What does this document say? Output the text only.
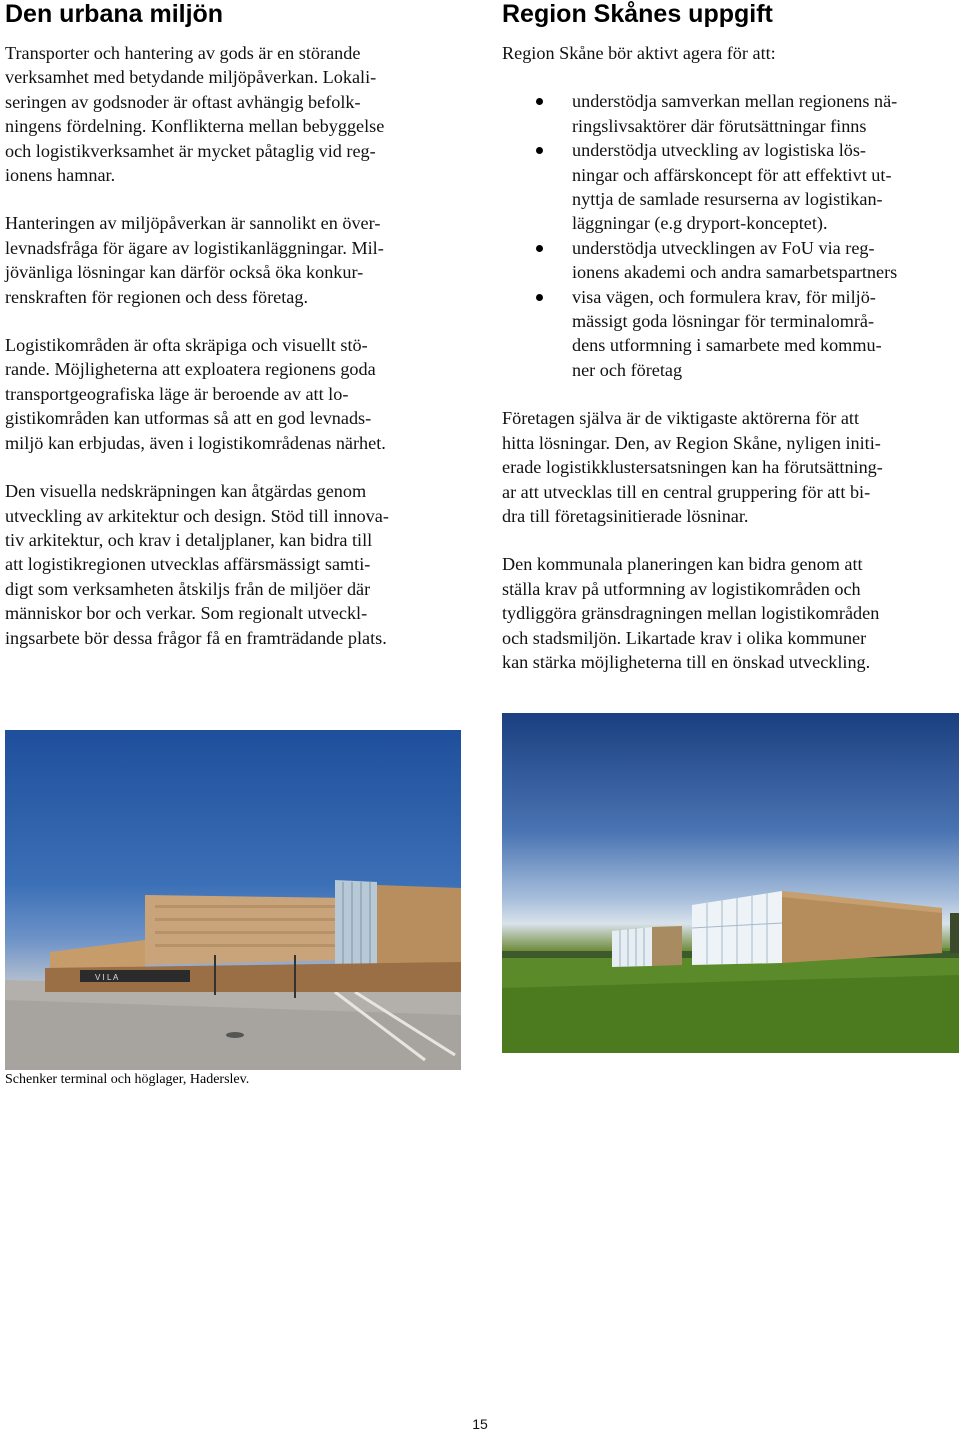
Den urbana miljön

Transporter och hantering av gods är en störande
verksamhet med betydande miljöpåverkan. Lokali-
seringen av godsnoder är oftast avhängig befolk-
ningens fördelning. Konflikterna mellan bebyggelse
och logistikverksamhet är mycket påtaglig vid reg-
ionens hamnar.

Hanteringen av miljöpåverkan är sannolikt en över-
levnadsfråga för ägare av logistikanläggningar. Mil-
jövänliga lösningar kan därför också öka konkur-
renskraften för regionen och dess företag.

Logistikområden är ofta skräpiga och visuellt stö-
rande. Möjligheterna att exploatera regionens goda
transportgeografiska läge är beroende av att lo-
gistikområden kan utformas så att en god levnads-
miljö kan erbjudas, även i logistikområdenas närhet.

Den visuella nedskräpningen kan åtgärdas genom
utveckling av arkitektur och design. Stöd till innova-
tiv arkitektur, och krav i detaljplaner, kan bidra till
att logistikregionen utvecklas affärsmässigt samti-
digt som verksamheten åtskiljs från de miljöer där
människor bor och verkar. Som regionalt utveckl-
ingsarbete bör dessa frågor få en framträdande plats.

Region Skånes uppgift

Region Skåne bör aktivt agera för att:

understödja samverkan mellan regionens nä-
ringslivsaktörer där förutsättningar finns
understödja utveckling av logistiska lös-
ningar och affärskoncept för att effektivt ut-
nyttja de samlade resurserna av logistikan-
läggningar (e.g dryport-konceptet).
understödja utvecklingen av FoU via reg-
ionens akademi och andra samarbetspartners
visa vägen, och formulera krav, för miljö-
mässigt goda lösningar för terminalområ-
dens utformning i samarbete med kommu-
ner och företag

Företagen själva är de viktigaste aktörerna för att
hitta lösningar. Den, av Region Skåne, nyligen initi-
erade logistikklustersatsningen kan ha förutsättning-
ar att utvecklas till en central gruppering för att bi-
dra till företagsinitierade lösninar.

Den kommunala planeringen kan bidra genom att
ställa krav på utformning av logistikområden och
tydliggöra gränsdragningen mellan logistikområden
och stadsmiljön. Likartade krav i olika kommuner
kan stärka möjligheterna till en önskad utveckling.

V I L A
Schenker terminal och höglager, Haderslev.
15
